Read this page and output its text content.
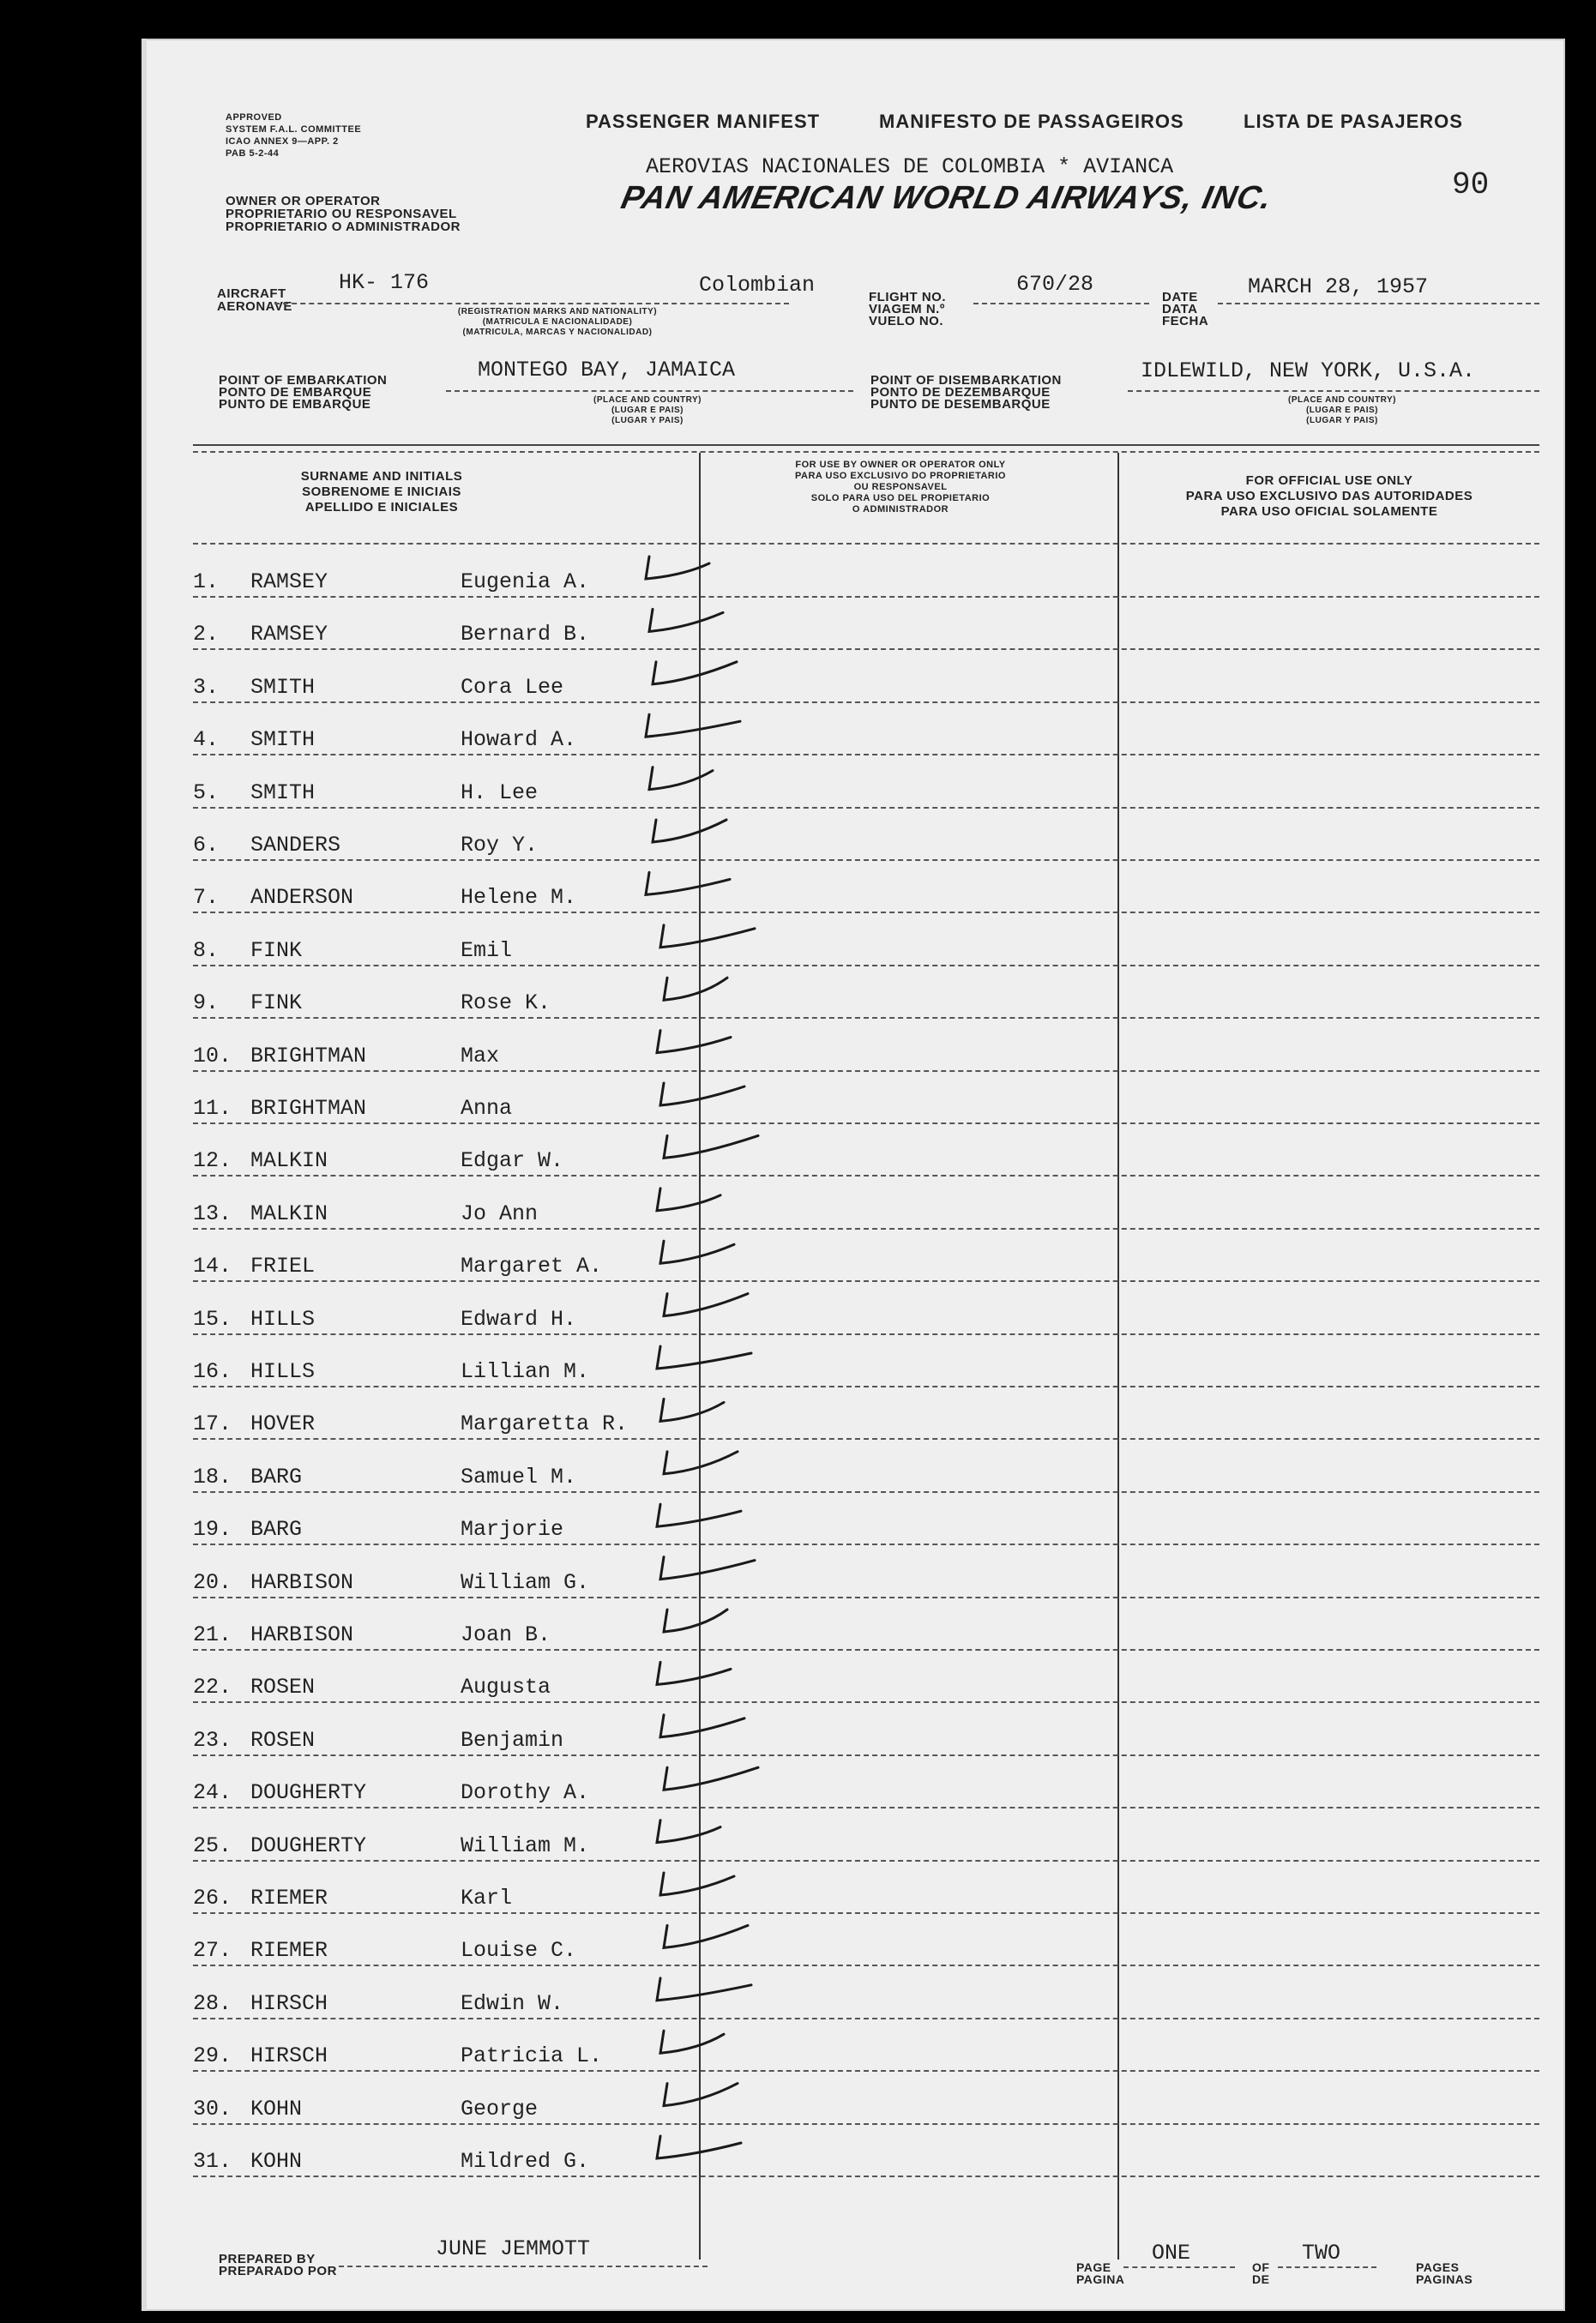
APPROVED
SYSTEM F.A.L. COMMITTEE
ICAO ANNEX 9—APP. 2
PAB 5-2-44
PASSENGER MANIFEST	MANIFESTO DE PASSAGEIROS	LISTA DE PASAJEROS
90
OWNER OR OPERATOR
PROPRIETARIO OU RESPONSAVEL
PROPRIETARIO O ADMINISTRADOR
AEROVIAS NACIONALES DE COLOMBIA * AVIANCA
PAN AMERICAN WORLD AIRWAYS, INC.
AIRCRAFT
AERONAVE
HK- 176	Colombian
(REGISTRATION MARKS AND NATIONALITY)
(MATRICULA E NACIONALIDADE)
(MATRICULA, MARCAS Y NACIONALIDAD)
FLIGHT NO.
VIAGEM N.º
VUELO NO.
670/28
DATE
DATA
FECHA
MARCH 28, 1957
POINT OF EMBARKATION
PONTO DE EMBARQUE
PUNTO DE EMBARQUE
MONTEGO BAY, JAMAICA
(PLACE AND COUNTRY)
(LUGAR E PAIS)
(LUGAR Y PAIS)
POINT OF DISEMBARKATION
PONTO DE DEZEMBARQUE
PUNTO DE DESEMBARQUE
IDLEWILD, NEW YORK, U.S.A.
(PLACE AND COUNTRY)
(LUGAR E PAIS)
(LUGAR Y PAIS)
SURNAME AND INITIALS
SOBRENOME E INICIAIS
APELLIDO E INICIALES
FOR USE BY OWNER OR OPERATOR ONLY
PARA USO EXCLUSIVO DO PROPRIETARIO
OU RESPONSAVEL
SOLO PARA USO DEL PROPIETARIO
O ADMINISTRADOR
FOR OFFICIAL USE ONLY
PARA USO EXCLUSIVO DAS AUTORIDADES
PARA USO OFICIAL SOLAMENTE
1. RAMSEY	Eugenia A.
2. RAMSEY	Bernard B.
3. SMITH	Cora Lee
4. SMITH	Howard A.
5. SMITH	H. Lee
6. SANDERS	Roy Y.
7. ANDERSON	Helene M.
8. FINK	Emil
9. FINK	Rose K.
10. BRIGHTMAN	Max
11. BRIGHTMAN	Anna
12. MALKIN	Edgar W.
13. MALKIN	Jo Ann
14. FRIEL	Margaret A.
15. HILLS	Edward H.
16. HILLS	Lillian M.
17. HOVER	Margaretta R.
18. BARG	Samuel M.
19. BARG	Marjorie
20. HARBISON	William G.
21. HARBISON	Joan B.
22. ROSEN	Augusta
23. ROSEN	Benjamin
24. DOUGHERTY	Dorothy A.
25. DOUGHERTY	William M.
26. RIEMER	Karl
27. RIEMER	Louise C.
28. HIRSCH	Edwin W.
29. HIRSCH	Patricia L.
30. KOHN	George
31. KOHN	Mildred G.
PREPARED BY
PREPARADO POR
JUNE JEMMOTT
PAGE
PAGINA
ONE
OF
DE
TWO
PAGES
PAGINAS
